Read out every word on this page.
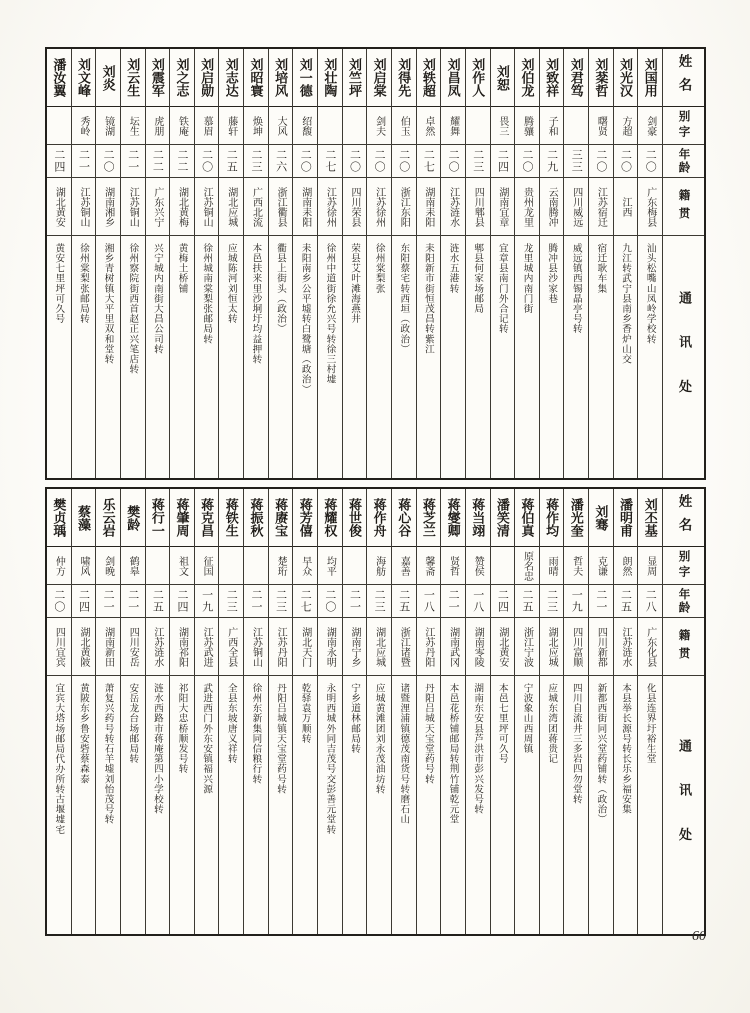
姓名
别字
年龄
籍贯
通讯处
刘国用
剑豪
二〇
广东梅县
汕头松嘴山凤岭学校转
刘光汉
方超
二〇
江西
九江转武宁县南乡香炉山交
刘棻哲
曙贤
二〇
江苏宿迁
宿迁耿车集
刘君笃
三三
四川威远
威远镇西锡晶亭号转
刘致祥
子和
二九
云南腾冲
腾冲县沙家巷
刘伯龙
腾骧
二〇
贵州龙里
龙里城内南门街
刘恕
畏三
二四
湖南宜章
宜章县南门外合记转
刘作人
二三
四川郫县
郫县何家场邮局
刘昌凤
耀舞
二〇
江苏涟水
涟水五港转
刘轶超
卓然
二七
湖南耒阳
耒阳新市街恒茂昌转紫江
刘得先
伯玉
二〇
浙江东阳
东阳蔡宅转西垣（政治）
刘启棠
剑夫
二〇
江苏徐州
徐州棠梨张
刘竺坪
二〇
四川荣县
荣县艾叶滩海燕井
刘壮陶
二七
江苏徐州
徐州中道街徐允兴号转徐三村墟
刘一德
绍馥
二〇
湖南耒阳
耒阳南乡公平墟转白鹭塘（政治）
刘培风
大风
二六
浙江衢县
衢县上街头（政治）
刘昭寰
焕坤
二三
广西北流
本邑扶来里沙垌圩均益押转
刘志达
藤轩
二五
湖北应城
应城陈河刘恒太转
刘启勋
慕眉
二〇
江苏铜山
徐州城南棠梨张邮局转
刘之志
铁庵
二二
湖北黄梅
黄梅土桥铺
刘震军
虎朋
二二
广东兴宁
兴宁城内南街大昌公司转
刘云生
坛生
二一
江苏铜山
徐州察院街西首赵正兴笔店转
刘炎
镜湖
二〇
湖南湘乡
湘乡青树镇大平里双和堂转
刘文峰
秀岭
二一
江苏铜山
徐州棠梨张邮局转
潘汝翼
二四
湖北黄安
黄安七里坪可久号
姓名
别字
年龄
籍贯
通讯处
刘丕基
显周
二八
广东化县
化县连界圩裕生堂
潘明甫
朗然
二五
江苏涟水
本县举长源号转长乐乡福安集
刘骞
克谦
二一
四川新都
新都西街同兴堂药铺转（政治）
潘光奎
哲夫
一九
四川富顺
四川自流井三多岩四勿堂转
蒋作均
雨晴
二三
湖北应城
应城东湾团蒋贵记
蒋伯真
原名忠
二五
浙江宁波
宁波象山西周镇
潘笑清
二四
湖北黄安
本邑七里坪可久号
蒋当翊
赞侯
一八
湖南零陵
湖南东安县芦洪市彭兴发号转
蒋燮卿
贤哲
二一
湖南武冈
本邑花桥铺邮局转荆竹铺乾元堂
蒋芝兰
馨斋
一八
江苏丹阳
丹阳吕城天宝堂药号转
蒋心谷
嘉善
二五
浙江诸暨
诸暨浬浦镇德茂南货号转磨石山
蒋作舟
海舫
二三
湖北应城
应城黄滩团刘永茂油坊转
蒋世俊
二一
湖南宁乡
宁乡道林邮局转
蒋耀权
均平
二〇
湖南永明
永明西城外同吉茂号交彭善元堂转
蒋芳僖
早众
二七
湖北天门
乾驿袁万顺转
蒋赓宝
楚珩
二三
江苏丹阳
丹阳吕城镇天宝堂药号转
蒋振秋
二一
江苏铜山
徐州东新集同信粮行转
蒋铁生
二三
广西全县
全县东坡唐义祥转
蒋克昌
征国
一九
江苏武进
武进西门外东安镇福兴源
蒋肇周
祖文
二四
湖南祁阳
祁阳大忠桥顺发号转
蒋行一
二五
江苏涟水
涟水西路市蒋庵第四小学校转
樊龄
鹤皋
二一
四川安岳
安岳龙台场邮局转
乐云岩
剑晚
二一
湖南新田
萧复兴药号转石羊墟刘怡茂号转
蔡藻
啸风
二四
湖北黄陂
黄陂东乡鲁安砦蔡森泰
樊贞瑀
仲方
二〇
四川宜宾
宜宾大塔场邮局代办所转古堰墟宅
60
